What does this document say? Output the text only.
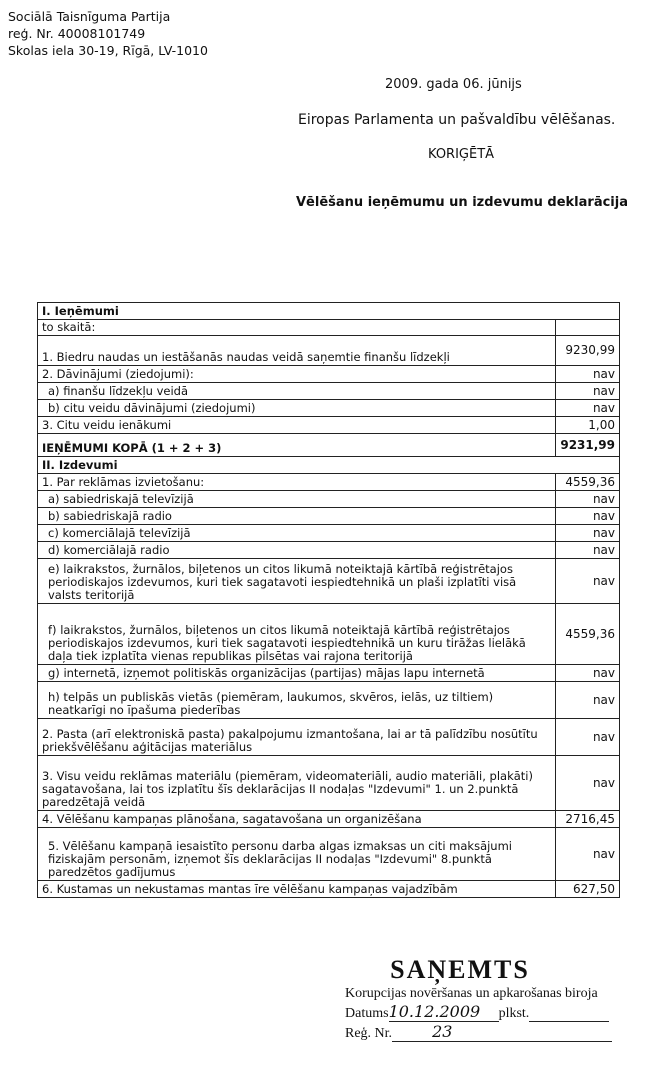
Sociālā Taisnīguma Partija
reģ. Nr. 40008101749
Skolas iela 30-19, Rīgā, LV-1010
2009. gada 06. jūnijs
Eiropas Parlamenta un pašvaldību vēlēšanas.
KORIĢĒTĀ
Vēlēšanu ieņēmumu un izdevumu deklarācija
I. Ieņēmumi	
to skaitā:	
1. Biedru naudas un iestāšanās naudas veidā saņemtie finanšu līdzekļi	9230,99
2. Dāvinājumi (ziedojumi):	nav
a) finanšu līdzekļu veidā	nav
b) citu veidu dāvinājumi (ziedojumi)	nav
3. Citu veidu ienākumi	1,00
IEŅĒMUMI KOPĀ (1 + 2 + 3)	9231,99
II. Izdevumi	
1. Par reklāmas izvietošanu:	4559,36
a) sabiedriskajā televīzijā	nav
b) sabiedriskajā radio	nav
c) komerciālajā televīzijā	nav
d) komerciālajā radio	nav
e) laikrakstos, žurnālos, biļetenos un citos likumā noteiktajā kārtībā reģistrētajos periodiskajos izdevumos, kuri tiek sagatavoti iespiedtehnikā un plaši izplatīti visā valsts teritorijā	nav
f) laikrakstos, žurnālos, biļetenos un citos likumā noteiktajā kārtībā reģistrētajos periodiskajos izdevumos, kuri tiek sagatavoti iespiedtehnikā un kuru tirāžas lielākā daļa tiek izplatīta vienas republikas pilsētas vai rajona teritorijā	4559,36
g) internetā, izņemot politiskās organizācijas (partijas) mājas lapu internetā	nav
h) telpās un publiskās vietās (piemēram, laukumos, skvēros, ielās, uz tiltiem) neatkarīgi no īpašuma piederības	nav
2. Pasta (arī elektroniskā pasta) pakalpojumu izmantošana, lai ar tā palīdzību nosūtītu priekšvēlēšanu aģitācijas materiālus	nav
3. Visu veidu reklāmas materiālu (piemēram, videomateriāli, audio materiāli, plakāti) sagatavošana, lai tos izplatītu šīs deklarācijas II nodaļas "Izdevumi" 1. un 2.punktā paredzētajā veidā	nav
4. Vēlēšanu kampaņas plānošana, sagatavošana un organizēšana	2716,45
5. Vēlēšanu kampaņā iesaistīto personu darba algas izmaksas un citi maksājumi fiziskajām personām, izņemot šīs deklarācijas II nodaļas "Izdevumi" 8.punktā paredzētos gadījumus	nav
6. Kustamas un nekustamas mantas īre vēlēšanu kampaņas vajadzībām	627,50
SAŅEMTS
Korupcijas novēršanas un apkarošanas biroja
Datums10.12.2009 plkst.
Reģ. Nr.	23
